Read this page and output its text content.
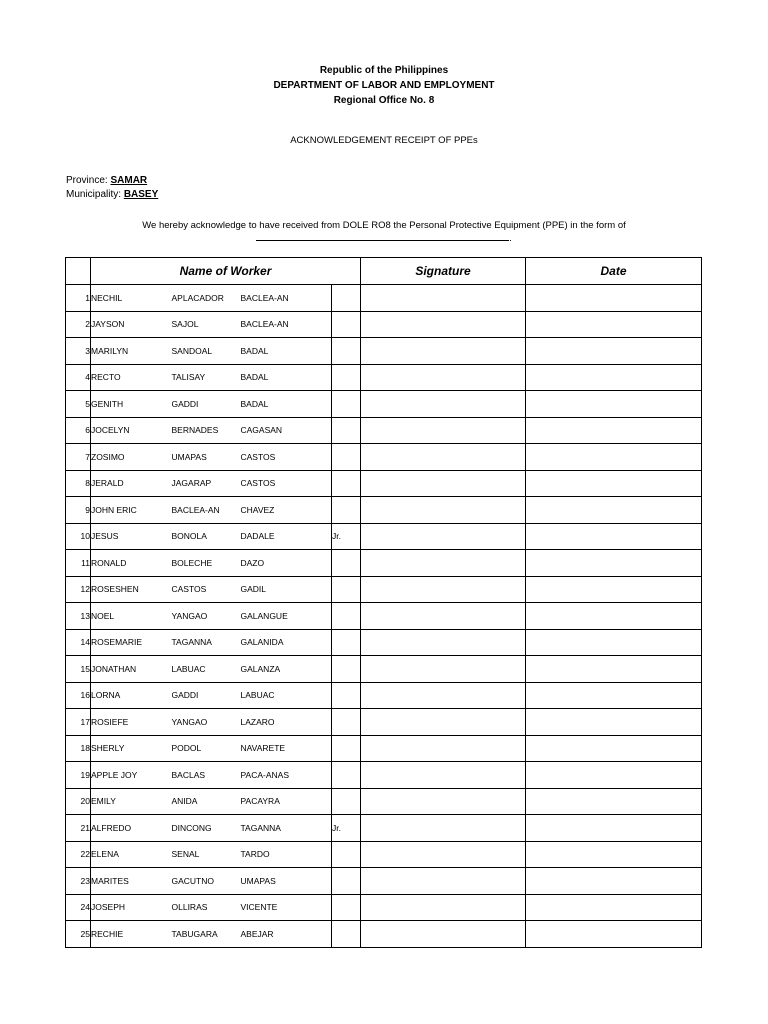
Republic of the Philippines
DEPARTMENT OF LABOR AND EMPLOYMENT
Regional Office No. 8
ACKNOWLEDGEMENT RECEIPT OF PPEs
Province: SAMAR
Municipality: BASEY
We hereby acknowledge to have received from DOLE RO8 the Personal Protective Equipment (PPE) in the form of
.
	Name of Worker				Signature	Date
1	NECHIL	APLACADOR	BACLEA-AN			
2	JAYSON	SAJOL	BACLEA-AN			
3	MARILYN	SANDOAL	BADAL			
4	RECTO	TALISAY	BADAL			
5	GENITH	GADDI	BADAL			
6	JOCELYN	BERNADES	CAGASAN			
7	ZOSIMO	UMAPAS	CASTOS			
8	JERALD	JAGARAP	CASTOS			
9	JOHN ERIC	BACLEA-AN	CHAVEZ			
10	JESUS	BONOLA	DADALE	Jr.		
11	RONALD	BOLECHE	DAZO			
12	ROSESHEN	CASTOS	GADIL			
13	NOEL	YANGAO	GALANGUE			
14	ROSEMARIE	TAGANNA	GALANIDA			
15	JONATHAN	LABUAC	GALANZA			
16	LORNA	GADDI	LABUAC			
17	ROSIEFE	YANGAO	LAZARO			
18	SHERLY	PODOL	NAVARETE			
19	APPLE JOY	BACLAS	PACA-ANAS			
20	EMILY	ANIDA	PACAYRA			
21	ALFREDO	DINCONG	TAGANNA	Jr.		
22	ELENA	SENAL	TARDO			
23	MARITES	GACUTNO	UMAPAS			
24	JOSEPH	OLLIRAS	VICENTE			
25	RECHIE	TABUGARA	ABEJAR			
